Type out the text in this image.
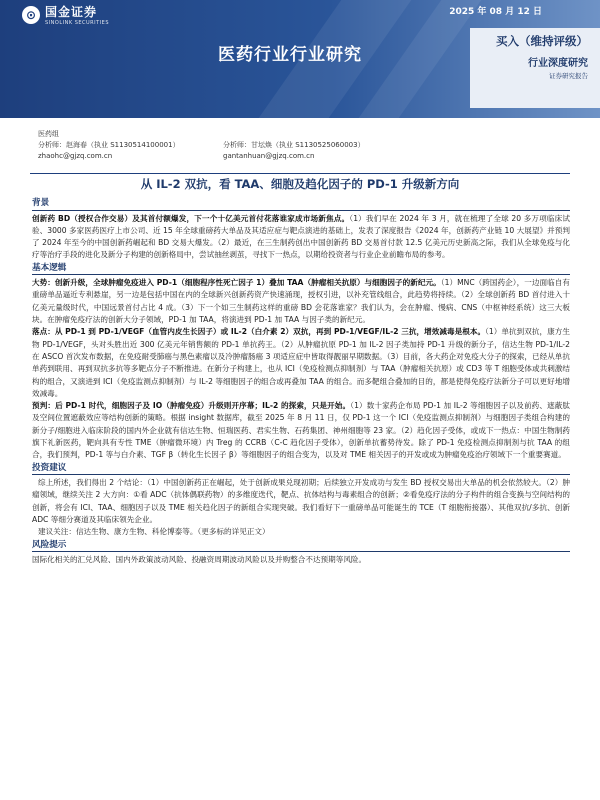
⊙ 国金证券
SINOLINK SECURITIES
2025 年 08 月 12 日
医药行业行业研究
买入（维持评级）
行业深度研究
证券研究报告
医药组
分析师：赵海春（执业 S1130514100001）	分析师：甘坛焕（执业 S1130525060003）
zhaohc@gjzq.com.cn	gantanhuan@gjzq.com.cn
从 IL-2 双抗，看 TAA、细胞及趋化因子的 PD-1 升级新方向
背景

创新药 BD（授权合作交易）及其首付额爆发，下一个十亿美元首付花落谁家成市场新焦点。（1）我们早在 2024 年 3 月，就在梳理了全球 20 多万项临床试验、3000 多家医药医疗上市公司、近 15 年全球重磅药大单品及其适应症与靶点演进的基础上，发表了深度报告《2024 年，创新药产业链 10 大展望》并预判了 2024 年至今的中国创新药崛起和 BD 交易大爆发。（2）最近，在三生制药创出中国创新药 BD 交易首付款 12.5 亿美元历史新高之际，我们从全球免疫与化疗等治疗手段的进化及新分子构建的创新格局中，尝试抽丝剥茧，寻找下一热点，以期给投资者与行业企业前瞻布局的参考。

基本逻辑

大势：创新升级，全球肿瘤免疫进入 PD-1（细胞程序性死亡因子 1）叠加 TAA（肿瘤相关抗原）与细胞因子的新纪元。（1）MNC（跨国药企），一边面临自有重磅单品逼近专利悬崖，另一边是包括中国在内的全球新兴创新药资产快速涌现，授权引进，以补充管线组合，此趋势将持续。（2）全球创新药 BD 首付进入十亿美元量级时代，中国远景首付占比 4 成。（3）下一个如三生制药这样的重磅 BD 会花落谁家？我们认为，会在肿瘤、慢病、CNS（中枢神经系统）这三大板块。在肿瘤免疫疗法的创新大分子领域，PD-1 加 TAA，将演进到 PD-1 加 TAA 与因子类的新纪元。

落点：从 PD-1 到 PD-1/VEGF（血管内皮生长因子）或 IL-2（白介素 2）双抗，再到 PD-1/VEGF/IL-2 三抗，增效减毒是根本。（1）单抗到双抗，康方生物 PD-1/VEGF，头对头胜出近 300 亿美元年销售额的 PD-1 单抗药王。（2）从肿瘤抗原 PD-1 加 IL-2 因子类加持 PD-1 升级的新分子，信达生物 PD-1/IL-2 在 ASCO 首次发布数据，在免疫耐受肺癌与黑色素瘤以及冷肿瘤肠癌 3 项适应症中皆取得靓丽早期数据。（3）目前，各大药企对免疫大分子的探索，已经从单抗单药到联用、再到双抗多抗等多靶点分子不断推进。在新分子构建上，也从 ICI（免疫检测点抑制剂）与 TAA（肿瘤相关抗原）或 CD3 等 T 细胞受体或共刺激结构的组合，又演进到 ICI（免疫监测点抑制剂）与 IL-2 等细胞因子的组合或再叠加 TAA 的组合。而多靶组合叠加的目的，都是使得免疫疗法新分子可以更好地增效减毒。

预判：后 PD-1 时代，细胞因子及 IO（肿瘤免疫）升级则开序幕；IL-2 的探索，只是开始。（1）数十家药企布局 PD-1 加 IL-2 等细胞因子以及前药、遮蔽肽及空间位置遮蔽效应等结构创新的策略。根据 insight 数据库，截至 2025 年 8 月 11 日，仅 PD-1 这一个 ICI（免疫监测点抑制剂）与细胞因子类组合构建的新分子/细胞进入临床阶段的国内外企业就有信达生物、恒瑞医药、君实生物、石药集团、神州细胞等 23 家。（2）趋化因子受体，或成下一热点：中国生物制药旗下礼新医药，靶向具有专性 TME（肿瘤微环境）内 Treg 的 CCRB（C-C 趋化因子受体），创新单抗蓄势待发。除了 PD-1 免疫检测点抑制剂与抗 TAA 的组合，我们预判，PD-1 等与白介素、TGF β（转化生长因子 β）等细胞因子的组合变为，以及对 TME 相关因子的开发或成为肿瘤免疫治疗领域下一个重要赛道。

投资建议

综上所述，我们得出 2 个结论：（1）中国创新药正在崛起，处于创新成果兑现初期；后续独立开发成功与发生 BD 授权交易出大单品的机会依然较大。（2）肿瘤领域，继续关注 2 大方向：①看 ADC（抗体偶联药物）的多维度迭代，靶点、抗体结构与毒素组合的创新；②看免疫疗法的分子构件的组合变换与空间结构的创新，将会有 ICI、TAA、细胞因子以及 TME 相关趋化因子的新组合实现突破。我们看好下一重磅单品可能诞生的 TCE（T 细胞衔接器）、其他双抗/多抗、创新 ADC 等细分赛道及其临床领先企业。

建议关注：信达生物、康方生物、科伦博泰等。（更多标的详见正文）

风险提示

国际化相关的汇兑风险、国内外政策波动风险、投融资周期波动风险以及并购整合不达预期等风险。
